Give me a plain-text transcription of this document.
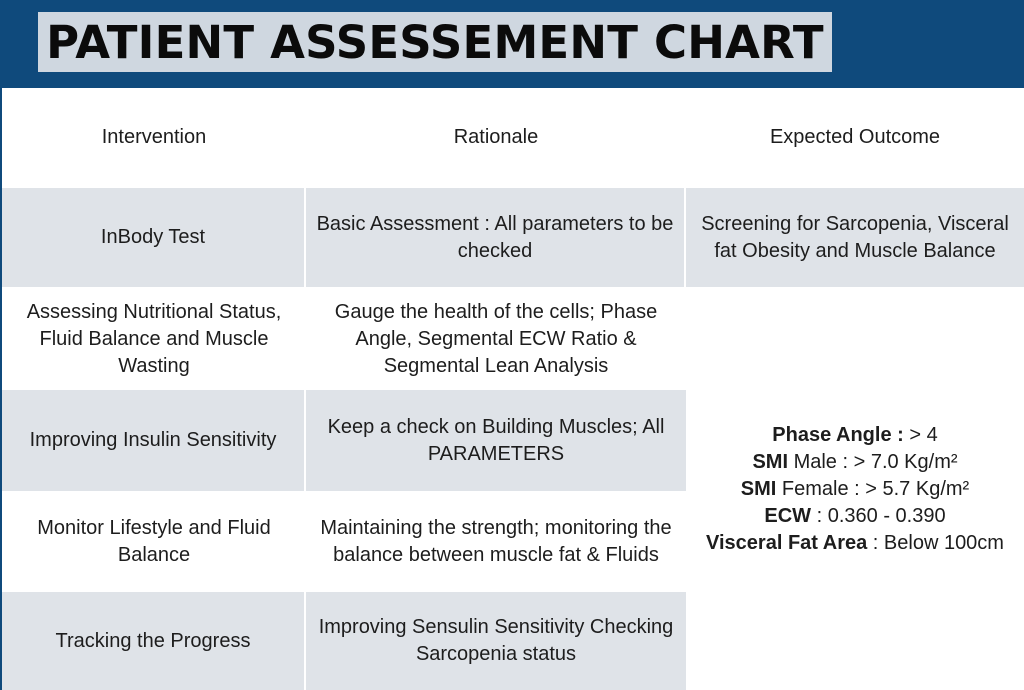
PATIENT ASSESSEMENT CHART
Intervention	Rationale	Expected Outcome
InBody Test
Basic Assessment : All parameters to be checked
Screening for Sarcopenia, Visceral fat Obesity and Muscle Balance
Assessing Nutritional Status, Fluid Balance and Muscle Wasting
Gauge the health of the cells; Phase Angle, Segmental ECW Ratio & Segmental Lean Analysis
Phase Angle : > 4
SMI Male : > 7.0 Kg/m²
SMI Female : > 5.7 Kg/m²
ECW : 0.360 - 0.390
Visceral Fat Area : Below 100cm
Improving Insulin Sensitivity
Keep a check on Building Muscles; All PARAMETERS
Monitor Lifestyle and Fluid Balance
Maintaining the strength; monitoring the balance between muscle fat & Fluids
Tracking the Progress
Improving Sensulin Sensitivity Checking Sarcopenia status
